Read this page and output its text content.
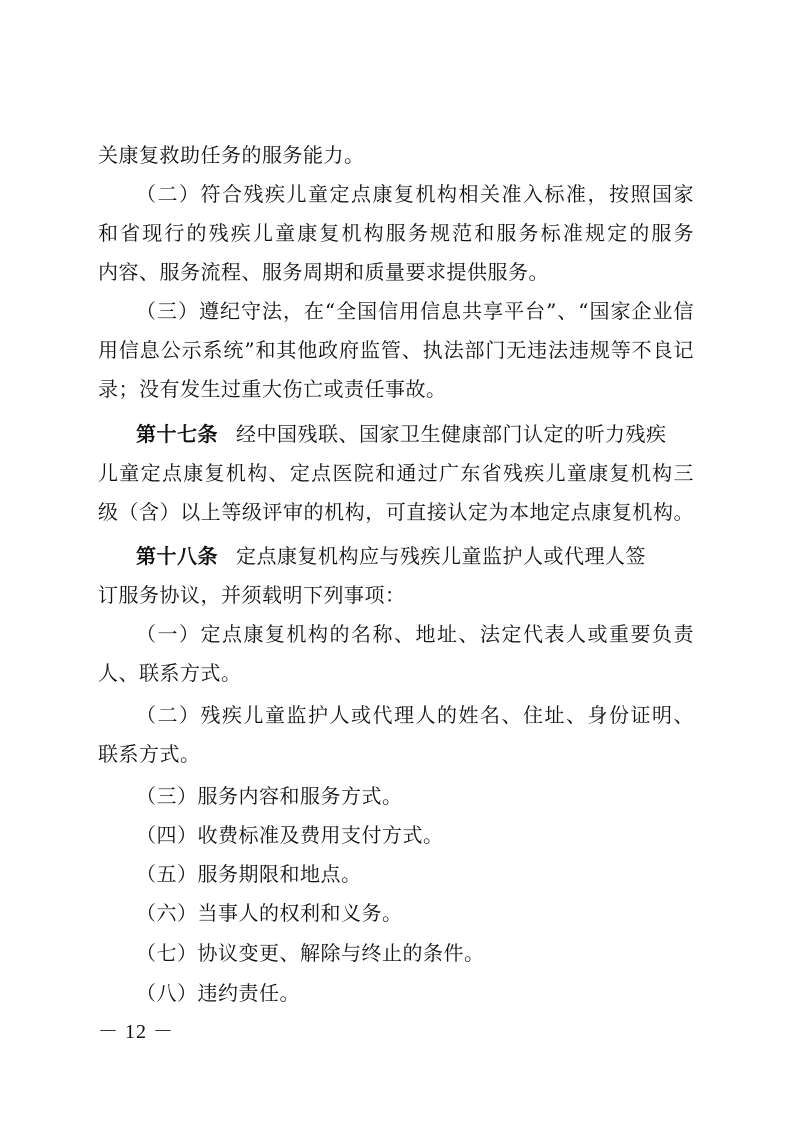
关康复救助任务的服务能力。
（二）符合残疾儿童定点康复机构相关准入标准，按照国家
和省现行的残疾儿童康复机构服务规范和服务标准规定的服务
内容、服务流程、服务周期和质量要求提供服务。
（三）遵纪守法，在“全国信用信息共享平台”、“国家企业信
用信息公示系统”和其他政府监管、执法部门无违法违规等不良记
录；没有发生过重大伤亡或责任事故。
第十七条 经中国残联、国家卫生健康部门认定的听力残疾
儿童定点康复机构、定点医院和通过广东省残疾儿童康复机构三
级（含）以上等级评审的机构，可直接认定为本地定点康复机构。
第十八条 定点康复机构应与残疾儿童监护人或代理人签
订服务协议，并须载明下列事项：
（一）定点康复机构的名称、地址、法定代表人或重要负责
人、联系方式。
（二）残疾儿童监护人或代理人的姓名、住址、身份证明、
联系方式。
（三）服务内容和服务方式。
（四）收费标准及费用支付方式。
（五）服务期限和地点。
（六）当事人的权利和义务。
（七）协议变更、解除与终止的条件。
（八）违约责任。
－ 12 －
